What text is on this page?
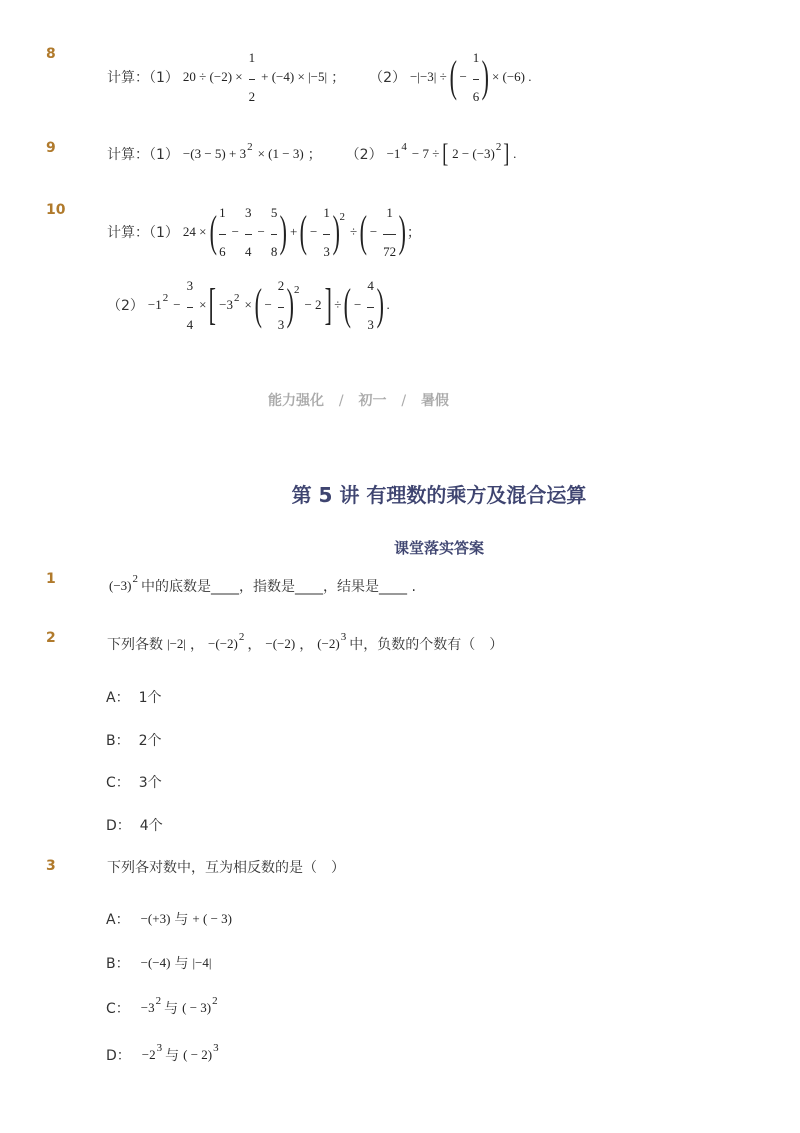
8
计算：（1） $20 \div (-2) \times \frac{1}{2} + (-4) \times |-5|$ ； （2） −|−3| ÷ ( − $\frac{1}{6}$ ) × (−6) .
9	计算：（1） −(3 − 5) + 3 2 × (1 − 3) ； （2） −1 4 − 7 ÷ [ 2 − (−3) 2 ] .
10
计算：（1） 24 × ( $\frac{1}{6} - \frac{3}{4} - \frac{5}{8}$ ) + ( − $\frac{1}{3}$ ) 2
÷ ( − $\frac{1}{72}$ ) ；
（2） −1 $2 - \frac{3}{4}$ × [ −3 2 × ( − $\frac{2}{3}$ ) 2
− 2 ] ÷ ( − $\frac{4}{3}$ ) .
能力强化 / 初一 / 暑假
第 5 讲 有理数的乘方及混合运算
课堂落实答案
1	(−3) 2 中的底数是____，指数是____，结果是____ .
2	下列各数 |−2| ， −(−2) 2 ， −(−2) ， (−2) 3 中，负数的个数有（　）
A： 1个
B： 2个
C： 3个
D： 4个
3	下列各对数中，互为相反数的是（　）
A： −(+3) 与 + ( − 3)
B： −(−4) 与 |−4|
C： −3 2 与 ( − 3) 2
D： −2 3 与 ( − 2) 3
